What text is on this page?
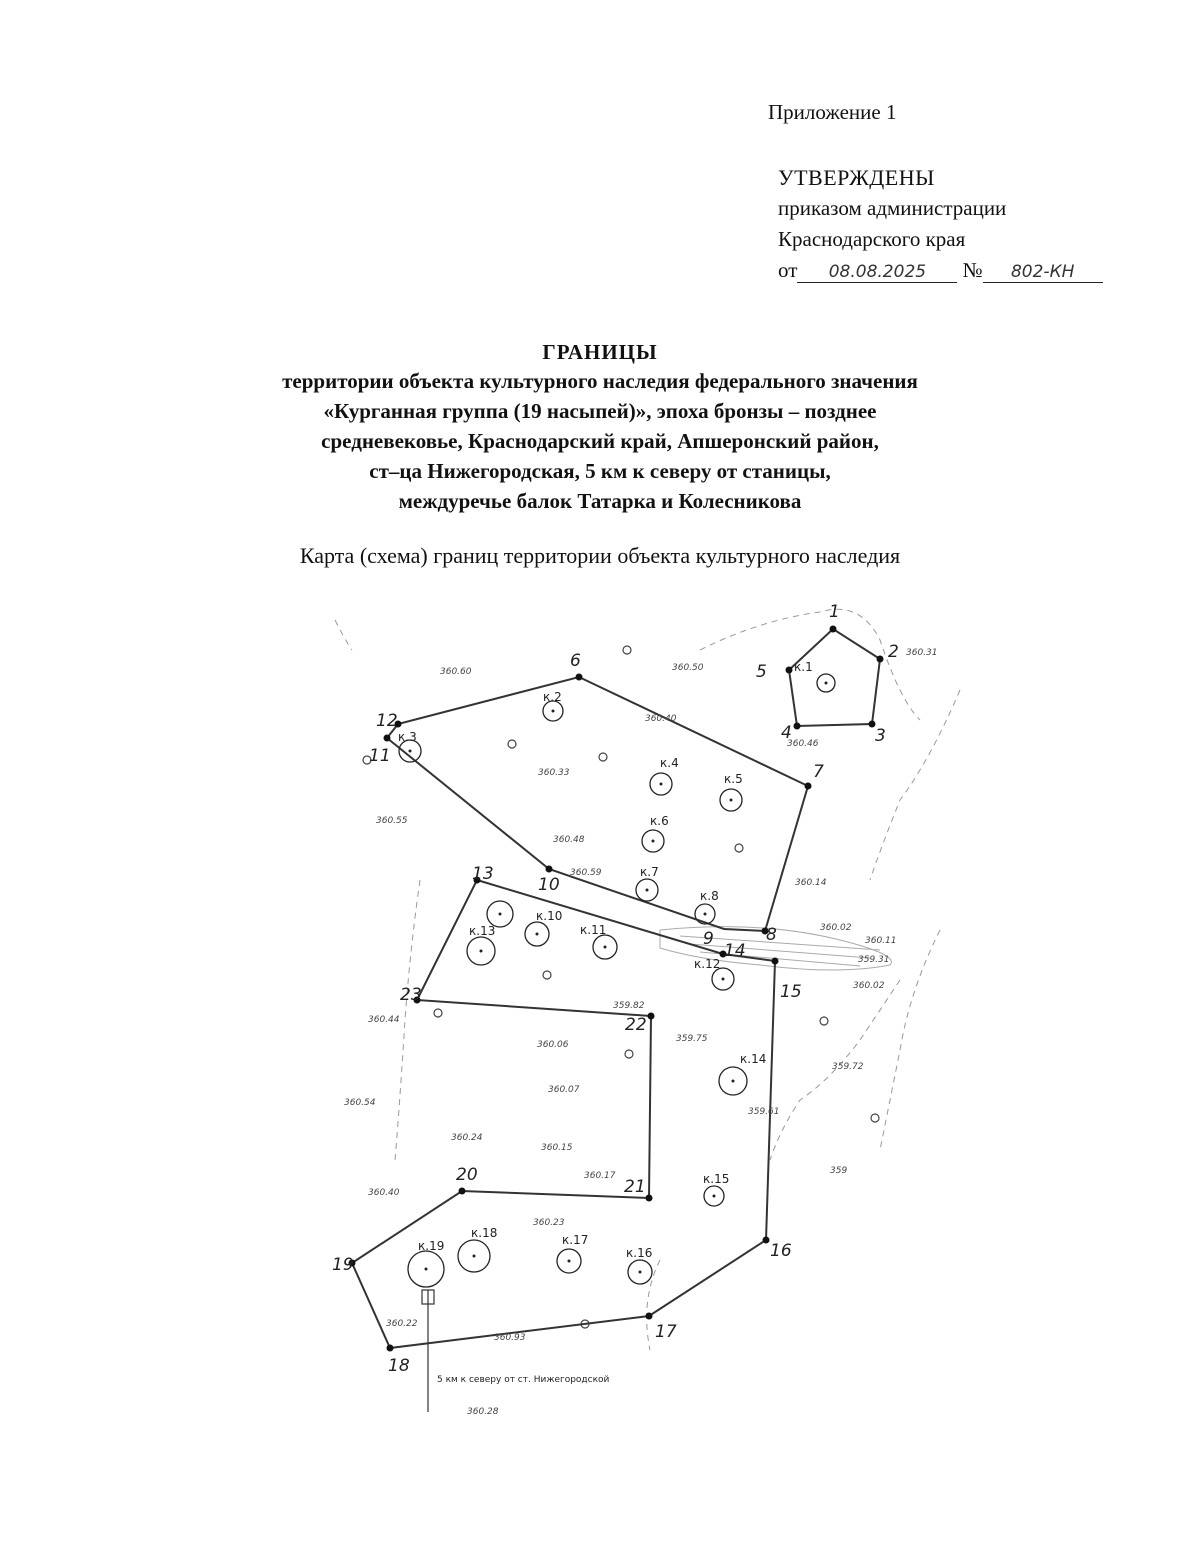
Приложение 1
УТВЕРЖДЕНЫ
приказом администрации
Краснодарского края
от 08.08.2025 № 802-КН
ГРАНИЦЫ
территории объекта культурного наследия федерального значения
«Курганная группа (19 насыпей)», эпоха бронзы – позднее
средневековье, Краснодарский край, Апшеронский район,
ст–ца Нижегородская, 5 км к северу от станицы,
междуречье балок Татарка и Колесникова
Карта (схема) границ территории объекта культурного наследия
1
2
3
4
5
6
7
8
9
10
11
12
13
14
15
16
17
18
19
20
21
22
23
к.1
к.2
к.3
к.4
к.5
к.6
к.7
к.8
к.10
к.11
к.12
к.13
к.14
к.15
к.16
к.17
к.18
к.19
360.60	360.50
360.31
360.46
360.40
360.33
360.55
360.48
360.59
360.14
360.02
360.11
359.31
360.02
360.44
359.82
359.75
360.06
359.72
360.54
360.07
359.61
360.24
360.15
360.17	359
360.40
360.23
360.22
360.93
360.28
5 км к северу от ст. Нижегородской
